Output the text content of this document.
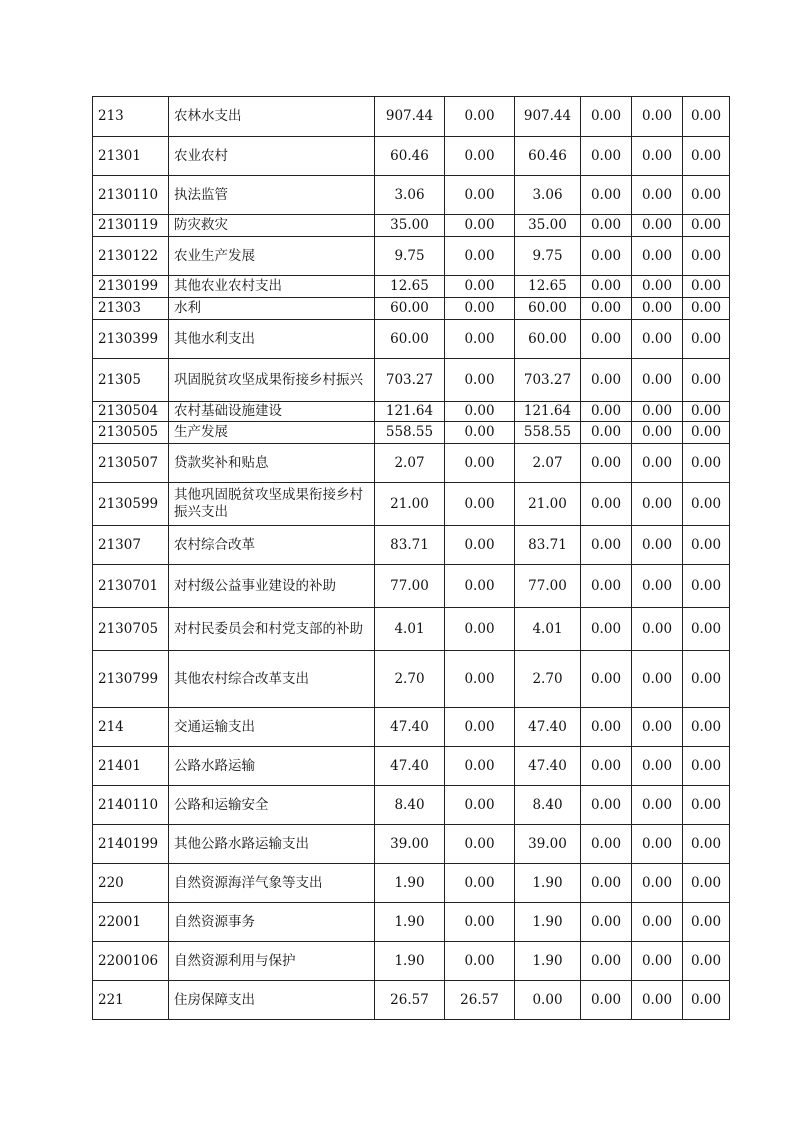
213	农林水支出	907.44	0.00	907.44	0.00	0.00	0.00
21301	农业农村	60.46	0.00	60.46	0.00	0.00	0.00
2130110	执法监管	3.06	0.00	3.06	0.00	0.00	0.00
2130119	防灾救灾	35.00	0.00	35.00	0.00	0.00	0.00
2130122	农业生产发展	9.75	0.00	9.75	0.00	0.00	0.00
2130199	其他农业农村支出	12.65	0.00	12.65	0.00	0.00	0.00
21303	水利	60.00	0.00	60.00	0.00	0.00	0.00
2130399	其他水利支出	60.00	0.00	60.00	0.00	0.00	0.00
21305	巩固脱贫攻坚成果衔接乡村振兴	703.27	0.00	703.27	0.00	0.00	0.00
2130504	农村基础设施建设	121.64	0.00	121.64	0.00	0.00	0.00
2130505	生产发展	558.55	0.00	558.55	0.00	0.00	0.00
2130507	贷款奖补和贴息	2.07	0.00	2.07	0.00	0.00	0.00
2130599	其他巩固脱贫攻坚成果衔接乡村振兴支出	21.00	0.00	21.00	0.00	0.00	0.00
21307	农村综合改革	83.71	0.00	83.71	0.00	0.00	0.00
2130701	对村级公益事业建设的补助	77.00	0.00	77.00	0.00	0.00	0.00
2130705	对村民委员会和村党支部的补助	4.01	0.00	4.01	0.00	0.00	0.00
2130799	其他农村综合改革支出	2.70	0.00	2.70	0.00	0.00	0.00
214	交通运输支出	47.40	0.00	47.40	0.00	0.00	0.00
21401	公路水路运输	47.40	0.00	47.40	0.00	0.00	0.00
2140110	公路和运输安全	8.40	0.00	8.40	0.00	0.00	0.00
2140199	其他公路水路运输支出	39.00	0.00	39.00	0.00	0.00	0.00
220	自然资源海洋气象等支出	1.90	0.00	1.90	0.00	0.00	0.00
22001	自然资源事务	1.90	0.00	1.90	0.00	0.00	0.00
2200106	自然资源利用与保护	1.90	0.00	1.90	0.00	0.00	0.00
221	住房保障支出	26.57	26.57	0.00	0.00	0.00	0.00
